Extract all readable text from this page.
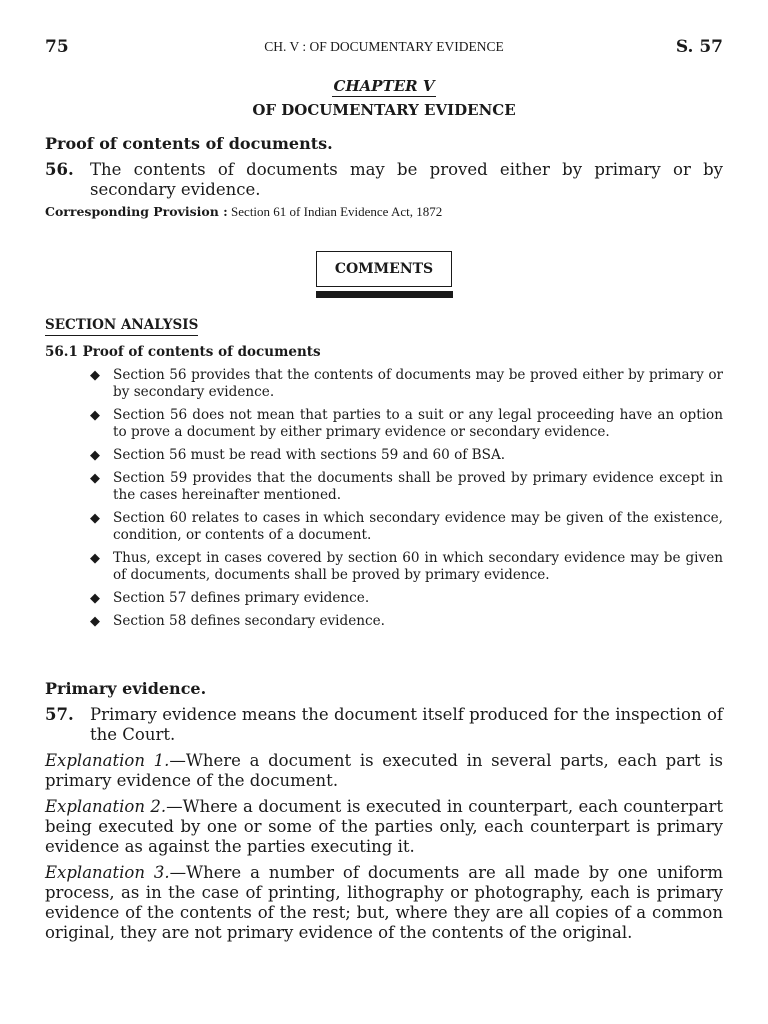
75	CH. V : OF DOCUMENTARY EVIDENCE	S. 57
CHAPTER V
OF DOCUMENTARY EVIDENCE
Proof of contents of documents.
56. The contents of documents may be proved either by primary or by secondary evidence.
Corresponding Provision : Section 61 of Indian Evidence Act, 1872
COMMENTS
SECTION ANALYSIS
56.1 Proof of contents of documents
◆ Section 56 provides that the contents of documents may be proved either by primary or by secondary evidence.
◆ Section 56 does not mean that parties to a suit or any legal proceeding have an option to prove a document by either primary evidence or secondary evidence.
◆ Section 56 must be read with sections 59 and 60 of BSA.
◆ Section 59 provides that the documents shall be proved by primary evidence except in the cases hereinafter mentioned.
◆ Section 60 relates to cases in which secondary evidence may be given of the existence, condition, or contents of a document.
◆ Thus, except in cases covered by section 60 in which secondary evidence may be given of documents, documents shall be proved by primary evidence.
◆ Section 57 defines primary evidence.
◆ Section 58 defines secondary evidence.
Primary evidence.
57. Primary evidence means the document itself produced for the inspection of the Court.
Explanation 1.—Where a document is executed in several parts, each part is primary evidence of the document.
Explanation 2.—Where a document is executed in counterpart, each counterpart being executed by one or some of the parties only, each counterpart is primary evidence as against the parties executing it.
Explanation 3.—Where a number of documents are all made by one uniform process, as in the case of printing, lithography or photography, each is primary evidence of the contents of the rest; but, where they are all copies of a common original, they are not primary evidence of the contents of the original.
